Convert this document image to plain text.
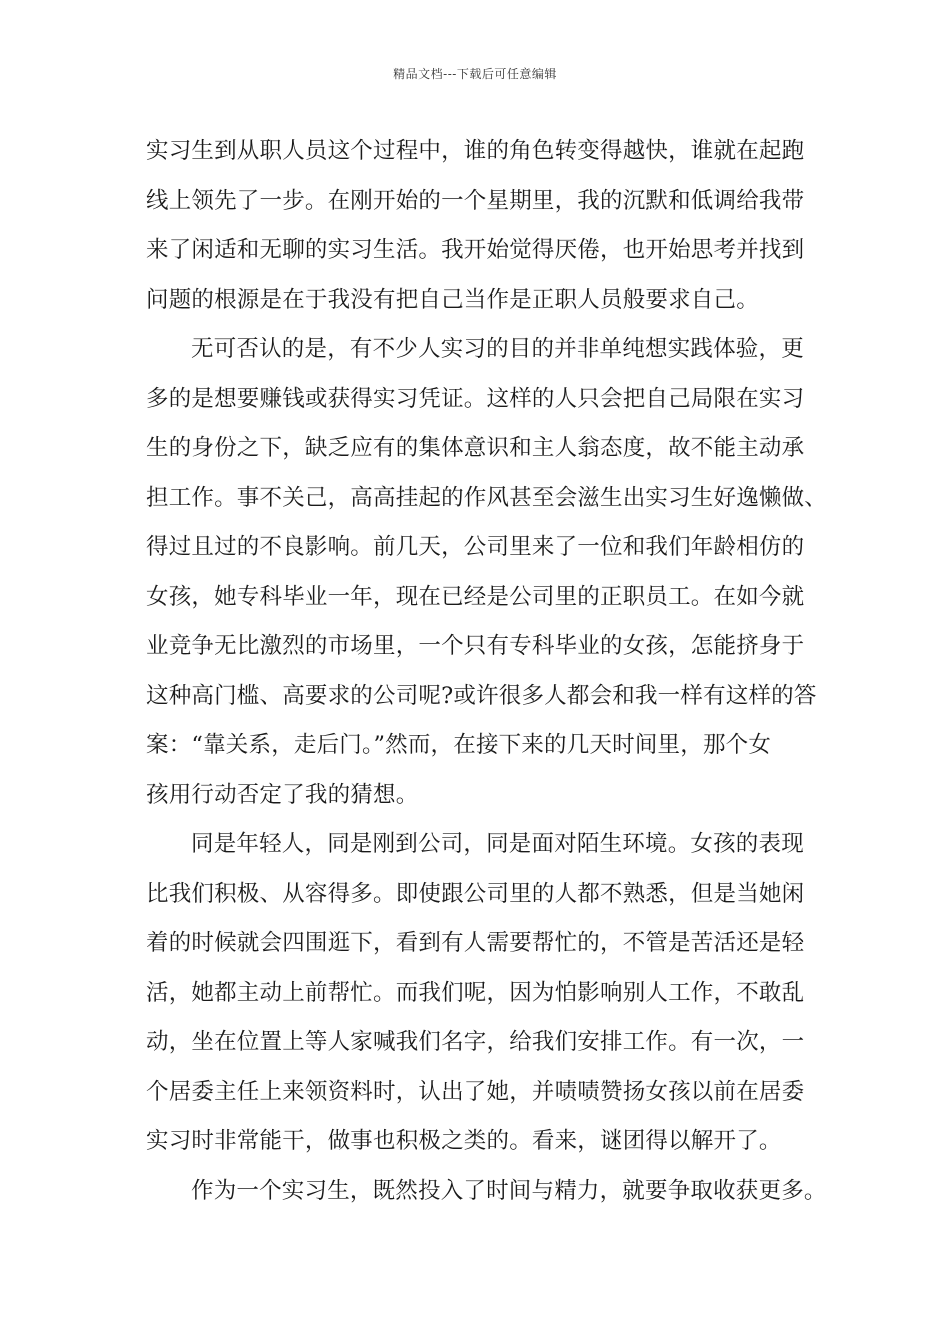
精品文档---下载后可任意编辑
实习生到从职人员这个过程中，谁的角色转变得越快，谁就在起跑
线上领先了一步。在刚开始的一个星期里，我的沉默和低调给我带
来了闲适和无聊的实习生活。我开始觉得厌倦，也开始思考并找到
问题的根源是在于我没有把自己当作是正职人员般要求自己。
无可否认的是，有不少人实习的目的并非单纯想实践体验，更
多的是想要赚钱或获得实习凭证。这样的人只会把自己局限在实习
生的身份之下，缺乏应有的集体意识和主人翁态度，故不能主动承
担工作。事不关己，高高挂起的作风甚至会滋生出实习生好逸懒做、
得过且过的不良影响。前几天，公司里来了一位和我们年龄相仿的
女孩，她专科毕业一年，现在已经是公司里的正职员工。在如今就
业竞争无比激烈的市场里，一个只有专科毕业的女孩，怎能挤身于
这种高门槛、高要求的公司呢?或许很多人都会和我一样有这样的答
案：“靠关系，走后门。”然而，在接下来的几天时间里，那个女
孩用行动否定了我的猜想。
同是年轻人，同是刚到公司，同是面对陌生环境。女孩的表现
比我们积极、从容得多。即使跟公司里的人都不熟悉，但是当她闲
着的时候就会四围逛下，看到有人需要帮忙的，不管是苦活还是轻
活，她都主动上前帮忙。而我们呢，因为怕影响别人工作，不敢乱
动，坐在位置上等人家喊我们名字，给我们安排工作。有一次，一
个居委主任上来领资料时，认出了她，并啧啧赞扬女孩以前在居委
实习时非常能干，做事也积极之类的。看来，谜团得以解开了。
作为一个实习生，既然投入了时间与精力，就要争取收获更多。
